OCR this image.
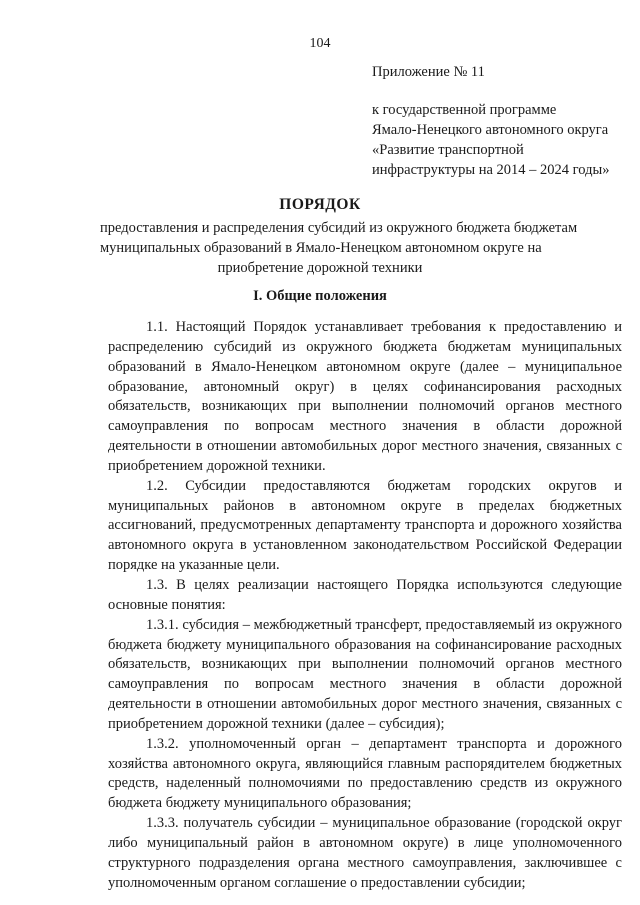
104
Приложение № 11
к государственной программе
Ямало-Ненецкого автономного округа
«Развитие транспортной
инфраструктуры на 2014 – 2024 годы»
ПОРЯДОК
предоставления и распределения субсидий из окружного бюджета бюджетам
муниципальных образований в Ямало-Ненецком автономном округе на
приобретение дорожной техники
I. Общие положения

1.1. Настоящий Порядок устанавливает требования к предоставлению и распределению субсидий из окружного бюджета бюджетам муниципальных образований в Ямало-Ненецком автономном округе (далее – муниципальное образование, автономный округ) в целях софинансирования расходных обязательств, возникающих при выполнении полномочий органов местного самоуправления по вопросам местного значения в области дорожной деятельности в отношении автомобильных дорог местного значения, связанных с приобретением дорожной техники.

1.2. Субсидии предоставляются бюджетам городских округов и муниципальных районов в автономном округе в пределах бюджетных ассигнований, предусмотренных департаменту транспорта и дорожного хозяйства автономного округа в установленном законодательством Российской Федерации порядке на указанные цели.

1.3. В целях реализации настоящего Порядка используются следующие основные понятия:

1.3.1. субсидия – межбюджетный трансферт, предоставляемый из окружного бюджета бюджету муниципального образования на софинансирование расходных обязательств, возникающих при выполнении полномочий органов местного самоуправления по вопросам местного значения в области дорожной деятельности в отношении автомобильных дорог местного значения, связанных с приобретением дорожной техники (далее – субсидия);

1.3.2. уполномоченный орган – департамент транспорта и дорожного хозяйства автономного округа, являющийся главным распорядителем бюджетных средств, наделенный полномочиями по предоставлению средств из окружного бюджета бюджету муниципального образования;

1.3.3. получатель субсидии – муниципальное образование (городской округ либо муниципальный район в автономном округе) в лице уполномоченного структурного подразделения органа местного самоуправления, заключившее с уполномоченным органом соглашение о предоставлении субсидии;
